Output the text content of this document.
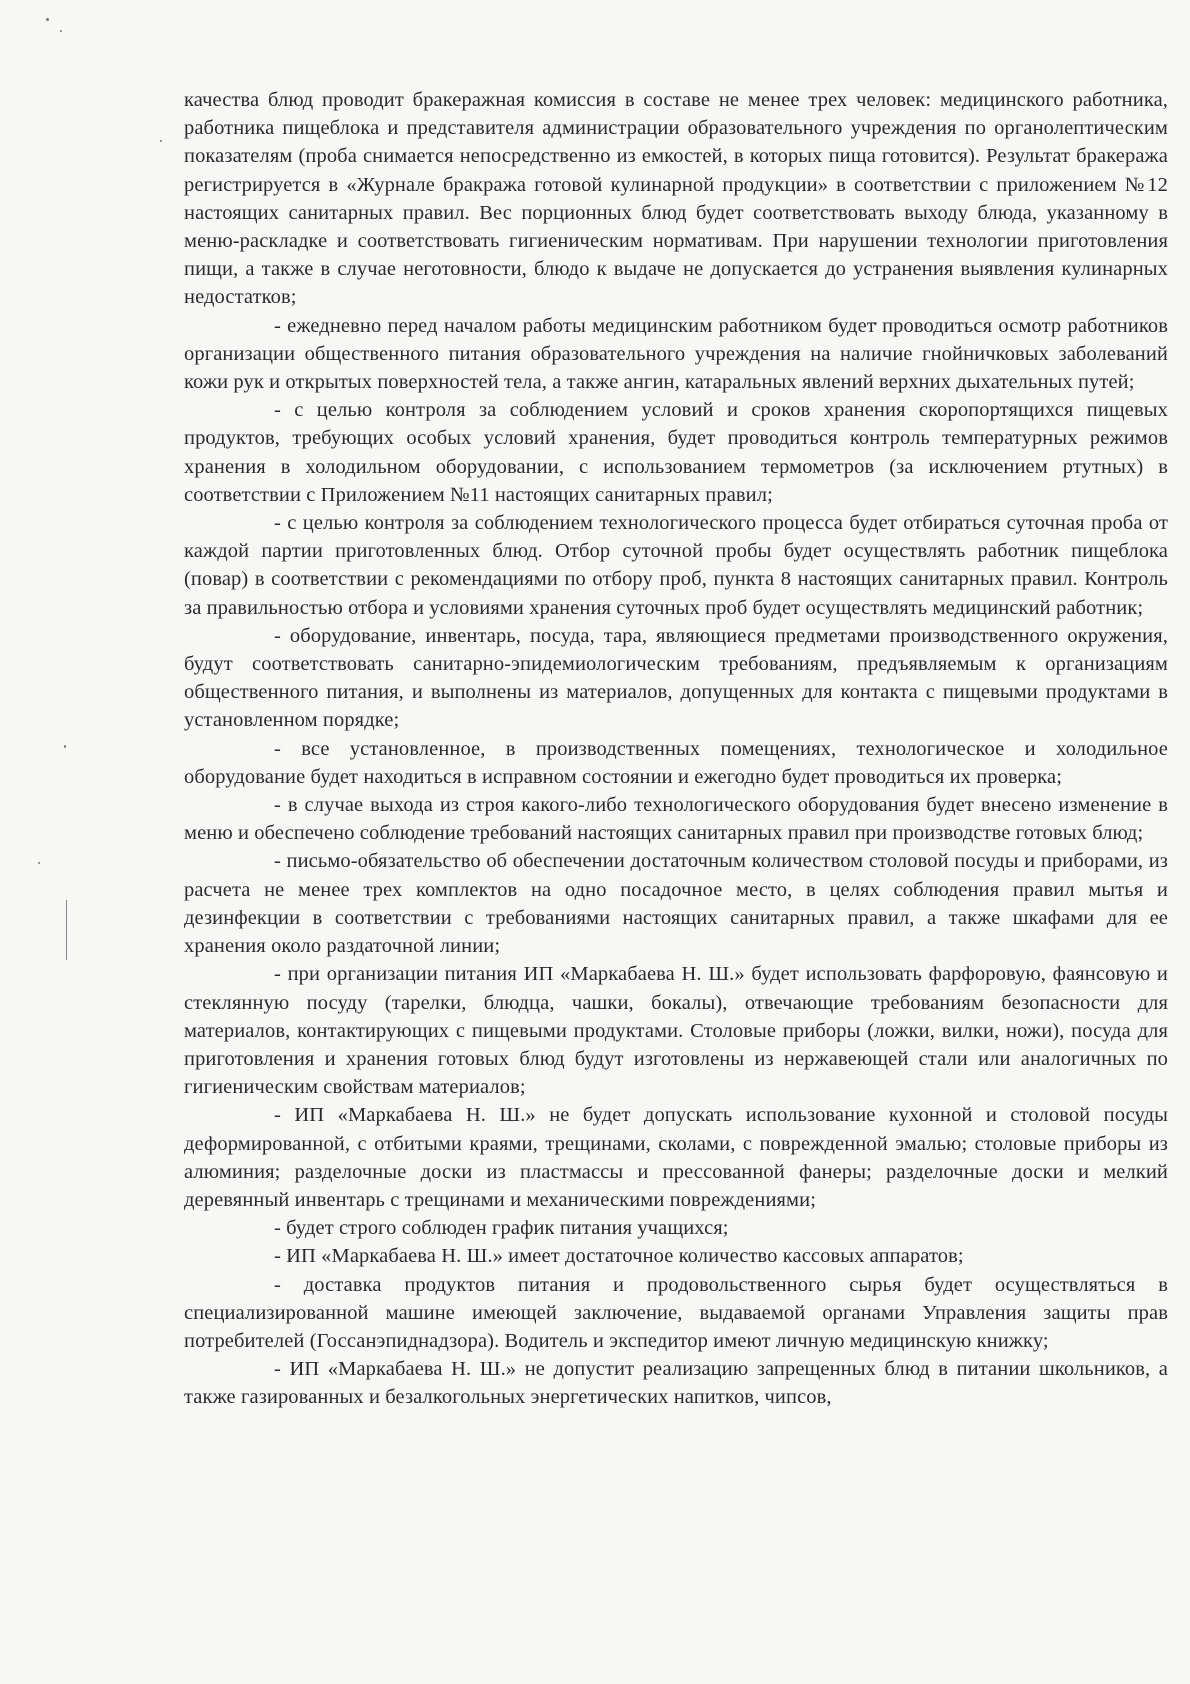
качества блюд проводит бракеражная комиссия в составе не менее трех человек: медицинского работника, работника пищеблока и представителя администрации образовательного учреждения по органолептическим показателям (проба снимается непосредственно из емкостей, в которых пища готовится). Результат бракеража регистрируется в «Журнале бракража готовой кулинарной продукции» в соответствии с приложением №12 настоящих санитарных правил. Вес порционных блюд будет соответствовать выходу блюда, указанному в меню-раскладке и соответствовать гигиеническим нормативам. При нарушении технологии приготовления пищи, а также в случае неготовности, блюдо к выдаче не допускается до устранения выявления кулинарных недостатков;

- ежедневно перед началом работы медицинским работником будет проводиться осмотр работников организации общественного питания образовательного учреждения на наличие гнойничковых заболеваний кожи рук и открытых поверхностей тела, а также ангин, катаральных явлений верхних дыхательных путей;

- с целью контроля за соблюдением условий и сроков хранения скоропортящихся пищевых продуктов, требующих особых условий хранения, будет проводиться контроль температурных режимов хранения в холодильном оборудовании, с использованием термометров (за исключением ртутных) в соответствии с Приложением №11 настоящих санитарных правил;

- с целью контроля за соблюдением технологического процесса будет отбираться суточная проба от каждой партии приготовленных блюд. Отбор суточной пробы будет осуществлять работник пищеблока (повар) в соответствии с рекомендациями по отбору проб, пункта 8 настоящих санитарных правил. Контроль за правильностью отбора и условиями хранения суточных проб будет осуществлять медицинский работник;

- оборудование, инвентарь, посуда, тара, являющиеся предметами производственного окружения, будут соответствовать санитарно-эпидемиологическим требованиям, предъявляемым к организациям общественного питания, и выполнены из материалов, допущенных для контакта с пищевыми продуктами в установленном порядке;

- все установленное, в производственных помещениях, технологическое и холодильное оборудование будет находиться в исправном состоянии и ежегодно будет проводиться их проверка;

- в случае выхода из строя какого-либо технологического оборудования будет внесено изменение в меню и обеспечено соблюдение требований настоящих санитарных правил при производстве готовых блюд;

- письмо-обязательство об обеспечении достаточным количеством столовой посуды и приборами, из расчета не менее трех комплектов на одно посадочное место, в целях соблюдения правил мытья и дезинфекции в соответствии с требованиями настоящих санитарных правил, а также шкафами для ее хранения около раздаточной линии;

- при организации питания ИП «Маркабаева Н. Ш.» будет использовать фарфоровую, фаянсовую и стеклянную посуду (тарелки, блюдца, чашки, бокалы), отвечающие требованиям безопасности для материалов, контактирующих с пищевыми продуктами. Столовые приборы (ложки, вилки, ножи), посуда для приготовления и хранения готовых блюд будут изготовлены из нержавеющей стали или аналогичных по гигиеническим свойствам материалов;

- ИП «Маркабаева Н. Ш.» не будет допускать использование кухонной и столовой посуды деформированной, с отбитыми краями, трещинами, сколами, с поврежденной эмалью; столовые приборы из алюминия; разделочные доски из пластмассы и прессованной фанеры; разделочные доски и мелкий деревянный инвентарь с трещинами и механическими повреждениями;

- будет строго соблюден график питания учащихся;

- ИП «Маркабаева Н. Ш.» имеет достаточное количество кассовых аппаратов;

- доставка продуктов питания и продовольственного сырья будет осуществляться в специализированной машине имеющей заключение, выдаваемой органами Управления защиты прав потребителей (Госсанэпиднадзора). Водитель и экспедитор имеют личную медицинскую книжку;

- ИП «Маркабаева Н. Ш.» не допустит реализацию запрещенных блюд в питании школьников, а также газированных и безалкогольных энергетических напитков, чипсов,
